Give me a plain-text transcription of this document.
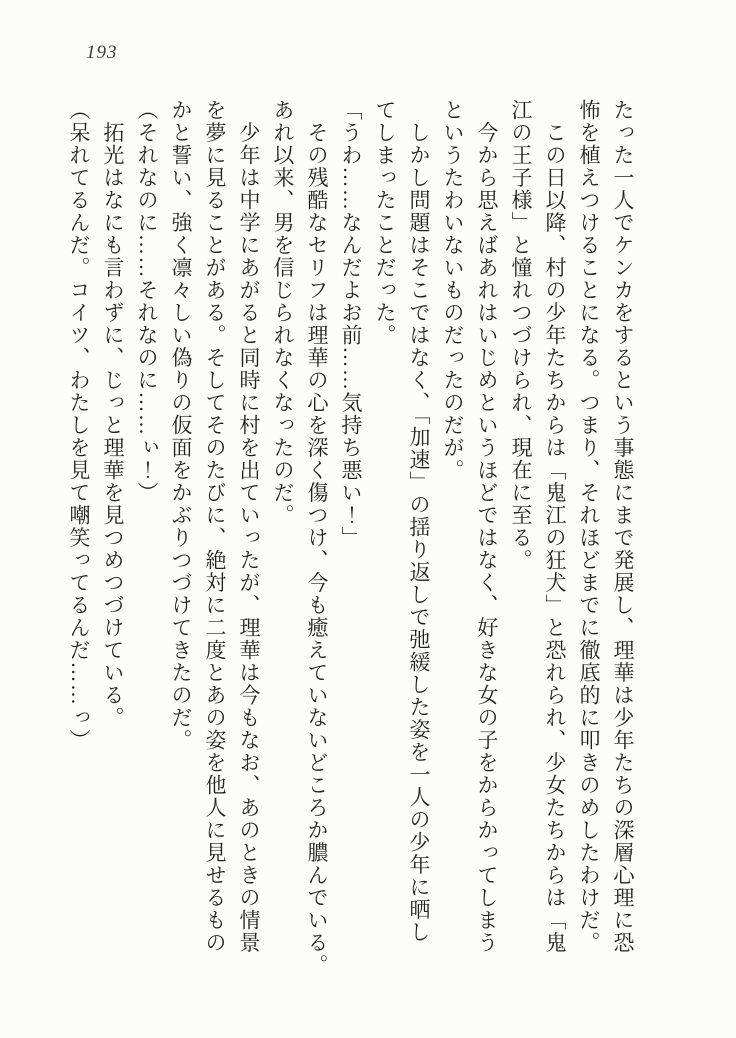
193

たった一人でケンカをするという事態にまで発展し、理華は少年たちの深層心理に恐

怖を植えつけることになる。つまり、それほどまでに徹底的に叩きのめしたわけだ。

　この日以降、村の少年たちからは「鬼江の狂犬」と恐れられ、少女たちからは「鬼

江の王子様」と憧れつづけられ、現在に至る。

　今から思えばあれはいじめというほどではなく、好きな女の子をからかってしまう

というたわいないものだったのだが。

　しかし問題はそこではなく、「加速」の揺り返しで弛緩した姿を一人の少年に晒し

てしまったことだった。

「うわ……なんだよお前……気持ち悪い！」

　その残酷なセリフは理華の心を深く傷つけ、今も癒えていないどころか膿んでいる。

あれ以来、男を信じられなくなったのだ。

　少年は中学にあがると同時に村を出ていったが、理華は今もなお、あのときの情景

を夢に見ることがある。そしてそのたびに、絶対に二度とあの姿を他人に見せるもの

かと誓い、強く凛々しい偽りの仮面をかぶりつづけてきたのだ。

（それなのに……それなのに……ぃ！）

　拓光はなにも言わずに、じっと理華を見つめつづけている。

（呆れてるんだ。コイツ、わたしを見て嘲笑ってるんだ……っ）
